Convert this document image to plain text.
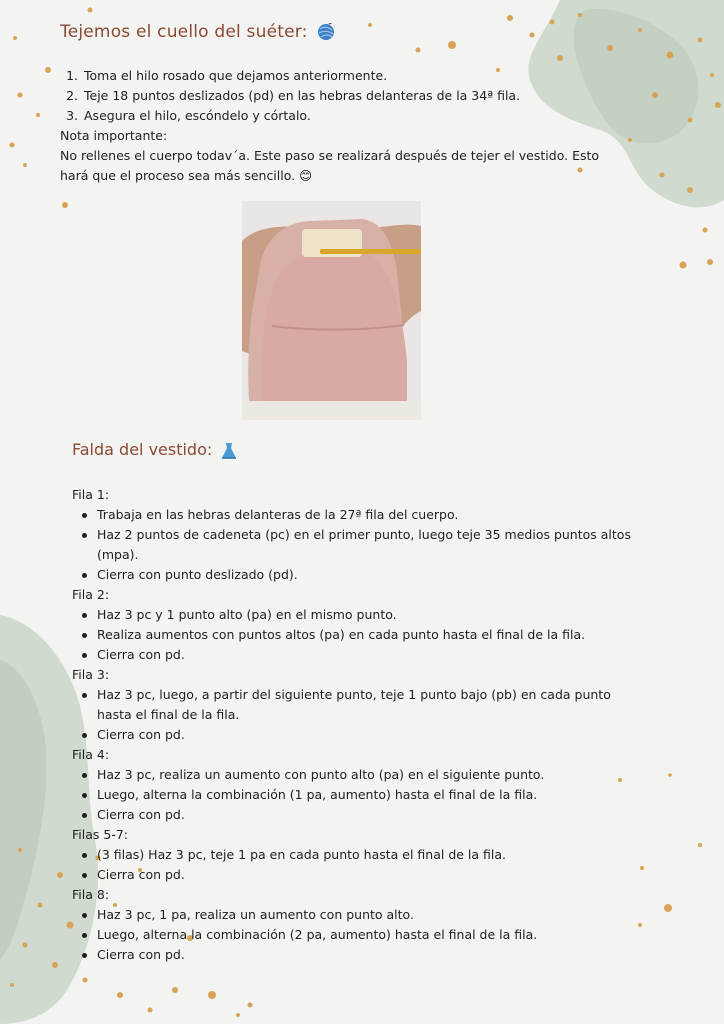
Tejemos el cuello del suéter:
1. Toma el hilo rosado que dejamos anteriormente.
2. Teje 18 puntos deslizados (pd) en las hebras delanteras de la 34ª fila.
3. Asegura el hilo, escóndelo y córtalo.

Nota importante:

No rellenes el cuerpo todav´a. Este paso se realizará después de tejer el vestido. Esto hará que el proceso sea más sencillo. 😊

Falda del vestido:

Fila 1:

Trabaja en las hebras delanteras de la 27ª fila del cuerpo.
Haz 2 puntos de cadeneta (pc) en el primer punto, luego teje 35 medios puntos altos (mpa).
Cierra con punto deslizado (pd).

Fila 2:

Haz 3 pc y 1 punto alto (pa) en el mismo punto.
Realiza aumentos con puntos altos (pa) en cada punto hasta el final de la fila.
Cierra con pd.

Fila 3:

Haz 3 pc, luego, a partir del siguiente punto, teje 1 punto bajo (pb) en cada punto hasta el final de la fila.
Cierra con pd.

Fila 4:

Haz 3 pc, realiza un aumento con punto alto (pa) en el siguiente punto.
Luego, alterna la combinación (1 pa, aumento) hasta el final de la fila.
Cierra con pd.

Filas 5-7:

(3 filas) Haz 3 pc, teje 1 pa en cada punto hasta el final de la fila.
Cierra con pd.

Fila 8:

Haz 3 pc, 1 pa, realiza un aumento con punto alto.
Luego, alterna la combinación (2 pa, aumento) hasta el final de la fila.
Cierra con pd.
